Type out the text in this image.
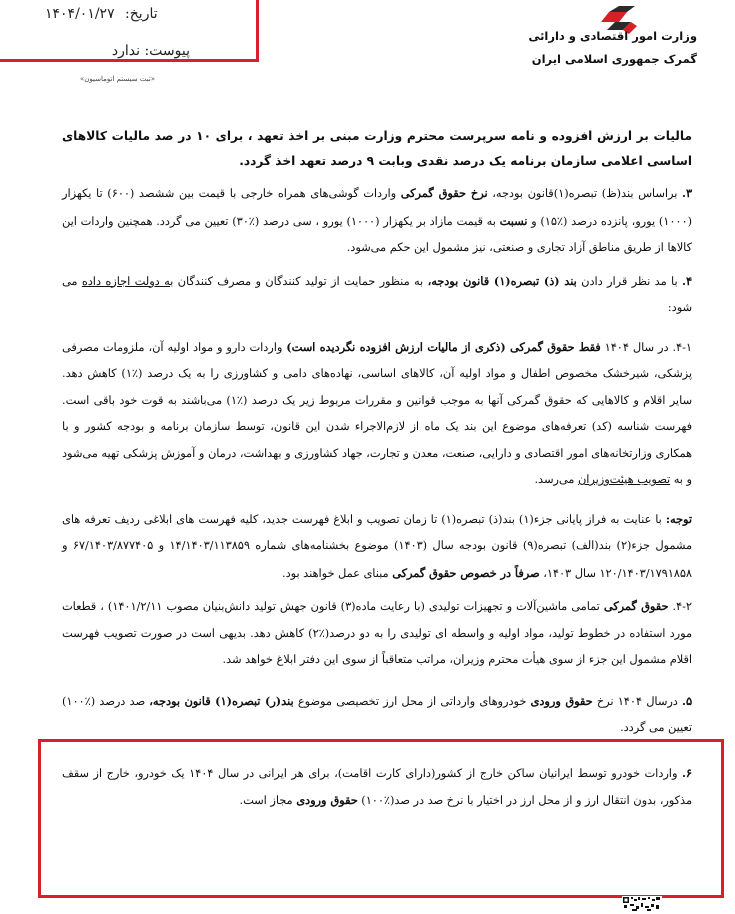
تاریخ: ۱۴۰۴/۰۱/۲۷
پیوست: ندارد
«ثبت سیستم اتوماسیون»
وزارت امور اقتصادی و دارائی
گمرک جمهوری اسلامی ایران

مالیات بر ارزش افزوده و نامه سرپرست محترم وزارت مبنی بر اخذ تعهد ، برای ۱۰ در صد مالیات کالاهای اساسی اعلامی سازمان برنامه یک درصد نقدی وبابت ۹ درصد تعهد اخذ گردد.

۳. براساس بند(ظ) تبصره(۱)قانون بودجه، نرخ حقوق گمرکی واردات گوشی‌های همراه خارجی با قیمت بین ششصد (۶۰۰) تا یکهزار (۱۰۰۰) یورو، پانزده درصد (٪۱۵) و نسبت به قیمت مازاد بر یکهزار (۱۰۰۰) یورو ، سی درصد (٪۳۰) تعیین می گردد. همچنین واردات این کالاها از طریق مناطق آزاد تجاری و صنعتی، نیز مشمول این حکم می‌شود.

۴. با مد نظر قرار دادن بند (ذ) تبصره(۱) قانون بودجه، به منظور حمایت از تولید کنندگان و مصرف کنندگان به دولت اجازه داده می شود:

۴-۱. در سال ۱۴۰۴ فقط حقوق گمرکی (ذکری از مالیات ارزش افزوده نگردیده است) واردات دارو و مواد اولیه آن، ملزومات مصرفی پزشکی، شیرخشک مخصوص اطفال و مواد اولیه آن، کالاهای اساسی، نهاده‌های دامی و کشاورزی را به یک درصد (٪۱) کاهش دهد. سایر اقلام و کالاهایی که حقوق گمرکی آنها به موجب قوانین و مقررات مربوط زیر یک درصد (٪۱) می‌باشند به قوت خود باقی است. فهرست شناسه (کد) تعرفه‌های موضوع این بند یک ماه از لازم‌الاجراء شدن این قانون، توسط سازمان برنامه و بودجه کشور و با همکاری وزارتخانه‌های امور اقتصادی و دارایی، صنعت، معدن و تجارت، جهاد کشاورزی و بهداشت، درمان و آموزش پزشکی تهیه می‌شود و به تصویب هیئت‌وزیران می‌رسد.

توجه: با عنایت به فراز پایانی جزء(۱) بند(ذ) تبصره(۱) تا زمان تصویب و ابلاغ فهرست جدید، کلیه فهرست های ابلاغی ردیف تعرفه های مشمول جزء(۲) بند(الف) تبصره(۹) قانون بودجه سال (۱۴۰۳) موضوع بخشنامه‌های شماره ۱۴/۱۴۰۳/۱۱۳۸۵۹ و ۶۷/۱۴۰۳/۸۷۷۴۰۵ و ۱۲۰/۱۴۰۳/۱۷۹۱۸۵۸ سال ۱۴۰۳، صرفاً در خصوص حقوق گمرکی مبنای عمل خواهند بود.

۴-۲. حقوق گمرکی تمامی ماشین‌آلات و تجهیزات تولیدی (با رعایت ماده(۳) قانون جهش تولید دانش‌بنیان مصوب ۱۴۰۱/۲/۱۱) ، قطعات مورد استفاده در خطوط تولید، مواد اولیه و واسطه ای تولیدی را به دو درصد(٪۲) کاهش دهد. بدیهی است در صورت تصویب فهرست اقلام مشمول این جزء از سوی هیأت محترم وزیران، مراتب متعاقباً از سوی این دفتر ابلاغ خواهد شد.

۵. درسال ۱۴۰۴ نرخ حقوق ورودی خودروهای وارداتی از محل ارز تخصیصی موضوع بند(ر) تبصره(۱) قانون بودجه، صد درصد (٪۱۰۰) تعیین می گردد.

۶. واردات خودرو توسط ایرانیان ساکن خارج از کشور(دارای کارت اقامت)، برای هر ایرانی در سال ۱۴۰۴ یک خودرو، خارج از سقف مذکور، بدون انتقال ارز و از محل ارز در اختیار با نرخ صد در صد(٪۱۰۰) حقوق ورودی مجاز است.
